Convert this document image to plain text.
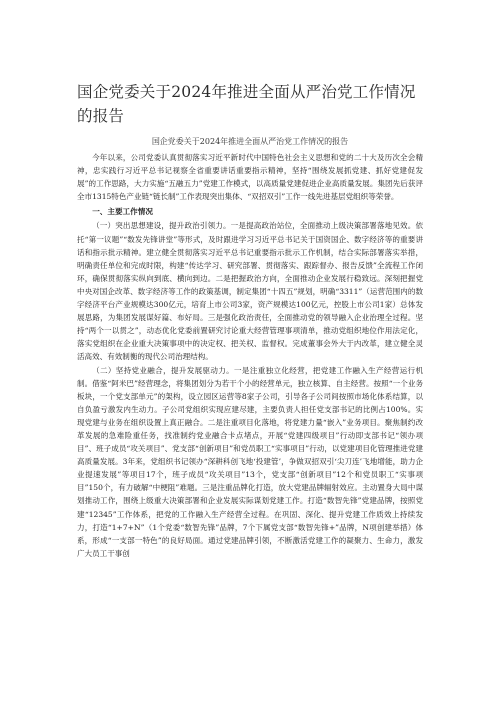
国企党委关于2024年推进全面从严治党工作情况的报告

国企党委关于2024年推进全面从严治党工作情况的报告

今年以来，公司党委认真贯彻落实习近平新时代中国特色社会主义思想和党的二十大及历次全会精神，忠实践行习近平总书记视察全省重要讲话重要指示精神，坚持“围绕发展抓党建、抓好党建促发展”的工作思路，大力实施“五融五力”党建工作模式，以高质量党建促进企业高质量发展。集团先后获评全市1315特色产业链“链长制”工作表现突出集体、“双招双引”工作一线先进基层党组织等荣誉。

一、主要工作情况

（一）突出思想建设，提升政治引领力。一是提高政治站位，全面推动上级决策部署落地见效。依托“第一议题”“数发先锋讲堂”等形式，及时跟进学习习近平总书记关于国资国企、数字经济等的重要讲话和指示批示精神。建立健全贯彻落实习近平总书记重要指示批示工作机制，结合实际部署落实举措，明确责任单位和完成时限，构建“传达学习、研究部署、贯彻落实、跟踪督办、报告反馈”全流程工作闭环，确保贯彻落实纵向到底、横向到边。二是把握政治方向，全面推动企业发展行稳致远。深刻把握党中央对国企改革、数字经济等工作的政策基调，制定集团“十四五”规划，明确“3311”（运营范围内的数字经济平台产业规模达300亿元，培育上市公司3家，资产规模达100亿元，控股上市公司1家）总体发展思路，为集团发展谋好篇、布好局。三是强化政治责任，全面推动党的领导融入企业治理全过程。坚持“两个一以贯之”，动态优化党委前置研究讨论重大经营管理事项清单，推动党组织地位作用法定化，落实党组织在企业重大决策事项中的决定权、把关权、监督权。完成董事会外大于内改革，建立健全灵活高效、有效制衡的现代公司治理结构。

（二）坚持党业融合，提升发展驱动力。一是注重独立化经营，把党建工作融入生产经营运行机制。借鉴“阿米巴”经营理念，将集团划分为若干个小的经营单元，独立核算、自主经营。按照“一个业务板块，一个党支部单元”的架构，设立园区运营等8家子公司，引导各子公司间按照市场化体系结算，以自负盈亏激发内生动力。子公司党组织实现应建尽建，主要负责人担任党支部书记的比例占100%。实现党建与业务在组织设置上真正融合。二是注重项目化落地，将党建力量“嵌入”业务项目。聚焦制约改革发展的急难险重任务，找准制约党业融合卡点堵点，开展“党建四级项目”行动即支部书记“领办项目”、班子成员“攻关项目”、党支部“创新项目”和党员职工“实事项目”行动，以党建项目化管理推进党建高质量发展。3年来，党组织书记领办“深耕科创飞地‘投建管’，争做双招双引‘尖刀连’飞地增能，助力企业提速发展”等项目17个，班子成员“攻关项目”13个，党支部“创新项目”12个和党员职工“实事项目”150个，有力破解“中梗阻”难题。三是注重品牌化打造，放大党建品牌辐射效应。主动置身大局中谋划推动工作，围绕上级重大决策部署和企业发展实际谋划党建工作。打造“数智先锋”党建品牌，按照党建“12345”工作体系，把党的工作融入生产经营全过程。在巩固、深化、提升党建工作质效上持续发力，打造“1+7+N”（1个党委“数智先锋”品牌，7个下属党支部“数智先锋+”品牌，N项创建举措）体系，形成“一支部一特色”的良好局面。通过党建品牌引领，不断激活党建工作的凝聚力、生命力，激发广大员工干事创
